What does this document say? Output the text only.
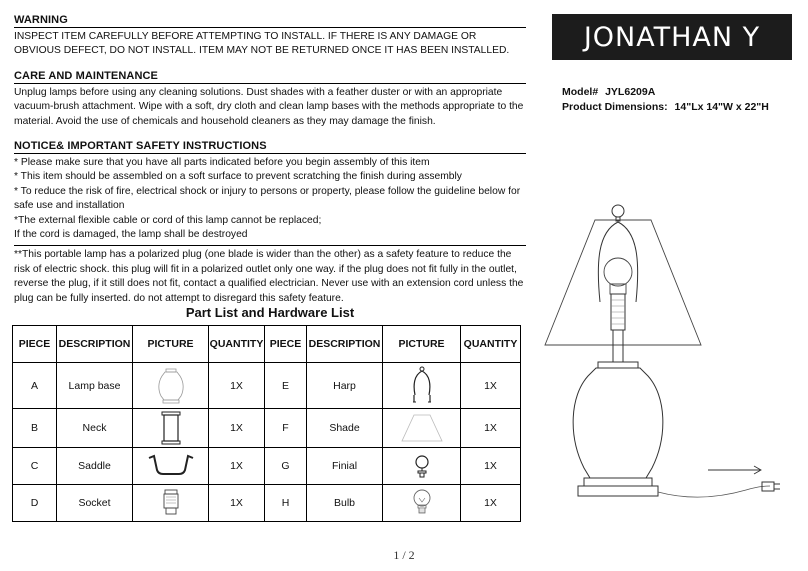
WARNING

INSPECT ITEM CAREFULLY BEFORE ATTEMPTING TO INSTALL. IF THERE IS ANY DAMAGE OR OBVIOUS DEFECT, DO NOT INSTALL. ITEM MAY NOT BE RETURNED ONCE IT HAS BEEN INSTALLED.

CARE AND MAINTENANCE

Unplug lamps before using any cleaning solutions. Dust shades with a feather duster or with an appropriate vacuum-brush attachment. Wipe with a soft, dry cloth and clean lamp bases with the methods appropriate to the material. Avoid the use of chemicals and household cleaners as they may damage the finish.

NOTICE& IMPORTANT SAFETY INSTRUCTIONS

* Please make sure that you have all parts indicated before you begin assembly of this item

* This item should be assembled on a soft surface to prevent scratching the finish during assembly

* To reduce the risk of fire, electrical shock or injury to persons or property, please follow the guideline below for safe use and installation

*The external flexible cable or cord of this lamp cannot be replaced;

If the cord is damaged, the lamp shall be destroyed

**This portable lamp has a polarized plug (one blade is wider than the other) as a safety feature to reduce the risk of electric shock. this plug will fit in a polarized outlet only one way. if the plug does not fit fully in the outlet, reverse the plug, if it still does not fit, contact a qualified electrician. Never use with an extension cord unless the plug can be fully inserted. do not attempt to disregard this safety feature.

Part List and Hardware List
PIECE	DESCRIPTION	PICTURE	QUANTITY	PIECE	DESCRIPTION	PICTURE	QUANTITY
A	Lamp base		1X	E	Harp		1X
B	Neck		1X	F	Shade		1X
C	Saddle		1X	G	Finial		1X
D	Socket		1X	H	Bulb		1X
JONATHAN Y
Model# JYL6209A
Product Dimensions: 14"Lx 14"W x 22"H
1 / 2
